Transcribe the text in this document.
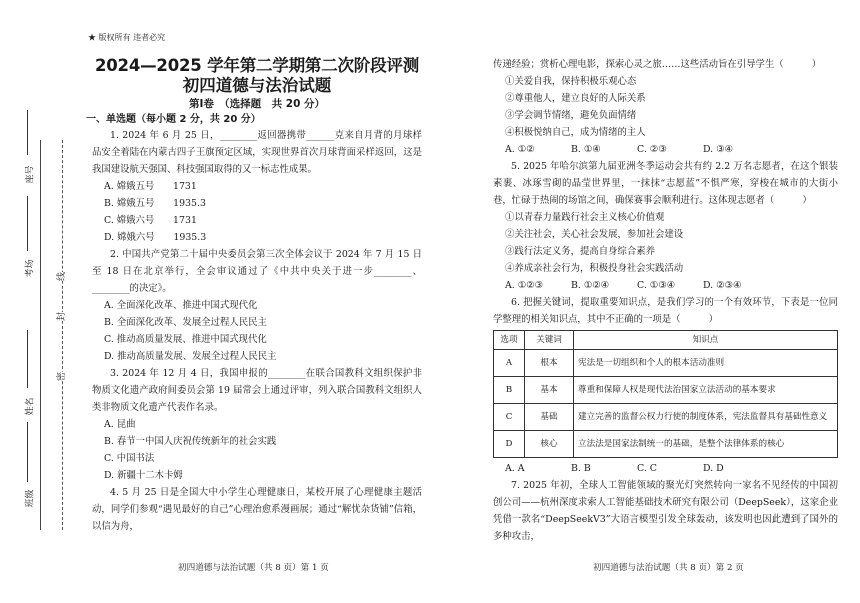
★ 版权所有 违者必究
座号
考场
姓名
班级
线
封
密

2024—2025 学年第二学期第二次阶段评测

初四道德与法治试题

第Ⅰ卷　（选择题　共 20 分）
一、单选题（每小题 2 分，共 20 分）

1. 2024 年 6 月 25 日，________返回器携带______克来自月背的月球样品安全着陆在内蒙古四子王旗预定区域，实现世界首次月球背面采样返回，这是我国建设航天强国、科技强国取得的又一标志性成果。

A. 嫦娥五号　　1731

B. 嫦娥五号　　1935.3

C. 嫦娥六号　　1731

D. 嫦娥六号　　1935.3

2. 中国共产党第二十届中央委员会第三次全体会议于 2024 年 7 月 15 日至 18 日在北京举行，全会审议通过了《中共中央关于进一步________、________的决定》。

A. 全面深化改革、推进中国式现代化

B. 全面深化改革、发展全过程人民民主

C. 推动高质量发展、推进中国式现代化

D. 推动高质量发展、发展全过程人民民主

3. 2024 年 12 月 4 日，我国申报的________在联合国教科文组织保护非物质文化遗产政府间委员会第 19 届常会上通过评审，列入联合国教科文组织人类非物质文化遗产代表作名录。

A. 昆曲

B. 春节一中国人庆祝传统新年的社会实践

C. 中国书法

D. 新疆十二木卡姆

4. 5 月 25 日是全国大中小学生心理健康日，某校开展了心理健康主题活动，同学们参观“遇见最好的自己”心理治愈系漫画展；通过“解忧杂货铺”信箱，以信为舟，

传递经验；赏析心理电影，探索心灵之旅……这些活动旨在引导学生（　　　）

①关爱自我，保持积极乐观心态

②尊重他人，建立良好的人际关系

③学会调节情绪，避免负面情绪

④积极悦纳自己，成为情绪的主人

A. ①②	B. ①④	C. ②③	D. ③④

5. 2025 年哈尔滨第九届亚洲冬季运动会共有约 2.2 万名志愿者，在这个银装素裹、冰琢雪砌的晶莹世界里，一抹抹“志愿蓝”不惧严寒，穿梭在城市的大街小巷，忙碌于热闹的场馆之间，确保赛事会顺利进行。这体现志愿者（　　　）

①以青春力量践行社会主义核心价值观

②关注社会，关心社会发展，参加社会建设

③践行法定义务，提高自身综合素养

④养成亲社会行为，积极投身社会实践活动

A. ①②③	B. ①②④	C. ①③④	D. ②③④

6. 把握关键词，提取重要知识点，是我们学习的一个有效环节，下表是一位同学整理的相关知识点，其中不正确的一项是（　　　）

选项	关键词	知识点
A	根本	宪法是一切组织和个人的根本活动准则
B	基本	尊重和保障人权是现代法治国家立法活动的基本要求
C	基础	建立完善的监督公权力行使的制度体系，宪法监督具有基础性意义
D	核心	立法法是国家法制统一的基础，是整个法律体系的核心
A. A	B. B	C. C	D. D

7. 2025 年初，全球人工智能领域的聚光灯突然转向一家名不见经传的中国初创公司——杭州深度求索人工智能基础技术研究有限公司（DeepSeek），这家企业凭借一款名“DeepSeekV3”大语言模型引发全球轰动，该发明也因此遭到了国外的多种攻击，

初四道德与法治试题（共 8 页）第 1 页	初四道德与法治试题（共 8 页）第 2 页
